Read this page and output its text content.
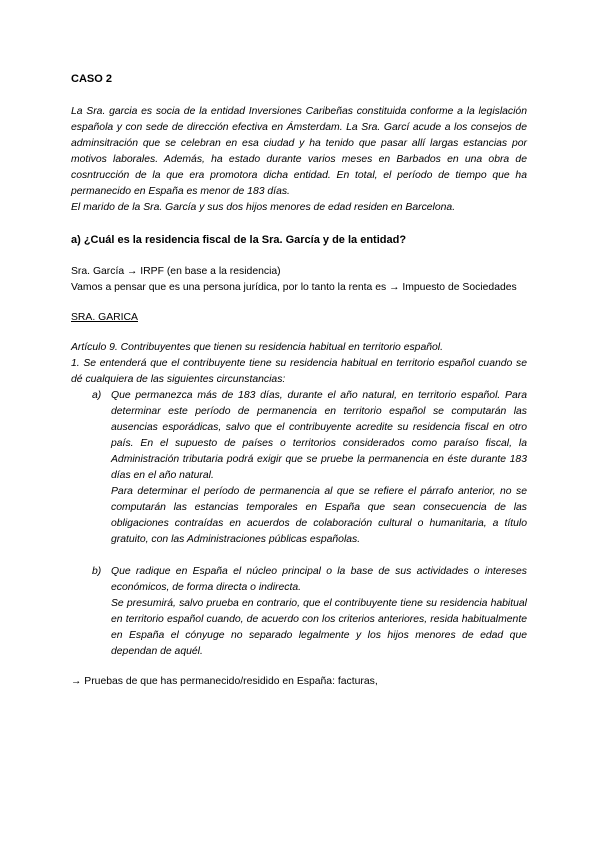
CASO 2

La Sra. garcia es socia de la entidad Inversiones Caribeñas constituida conforme a la legislación española y con sede de dirección efectiva en Ámsterdam. La Sra. Garcí acude a los consejos de adminsitración que se celebran en esa ciudad y ha tenido que pasar allí largas estancias por motivos laborales. Además, ha estado durante varios meses en Barbados en una obra de cosntrucción de la que era promotora dicha entidad. En total, el período de tiempo que ha permanecido en España es menor de 183 días.

El marido de la Sra. García y sus dos hijos menores de edad residen en Barcelona.

a) ¿Cuál es la residencia fiscal de la Sra. García y de la entidad?

Sra. García → IRPF (en base a la residencia)

Vamos a pensar que es una persona jurídica, por lo tanto la renta es → Impuesto de Sociedades

SRA. GARICA

Artículo 9. Contribuyentes que tienen su residencia habitual en territorio español.

1. Se entenderá que el contribuyente tiene su residencia habitual en territorio español cuando se dé cualquiera de las siguientes circunstancias:

a) Que permanezca más de 183 días, durante el año natural, en territorio español. Para determinar este período de permanencia en territorio español se computarán las ausencias esporádicas, salvo que el contribuyente acredite su residencia fiscal en otro país. En el supuesto de países o territorios considerados como paraíso fiscal, la Administración tributaria podrá exigir que se pruebe la permanencia en éste durante 183 días en el año natural.

Para determinar el período de permanencia al que se refiere el párrafo anterior, no se computarán las estancias temporales en España que sean consecuencia de las obligaciones contraídas en acuerdos de colaboración cultural o humanitaria, a título gratuito, con las Administraciones públicas españolas.

b) Que radique en España el núcleo principal o la base de sus actividades o intereses económicos, de forma directa o indirecta.

Se presumirá, salvo prueba en contrario, que el contribuyente tiene su residencia habitual en territorio español cuando, de acuerdo con los criterios anteriores, resida habitualmente en España el cónyuge no separado legalmente y los hijos menores de edad que dependan de aquél.

→ Pruebas de que has permanecido/residido en España: facturas,
